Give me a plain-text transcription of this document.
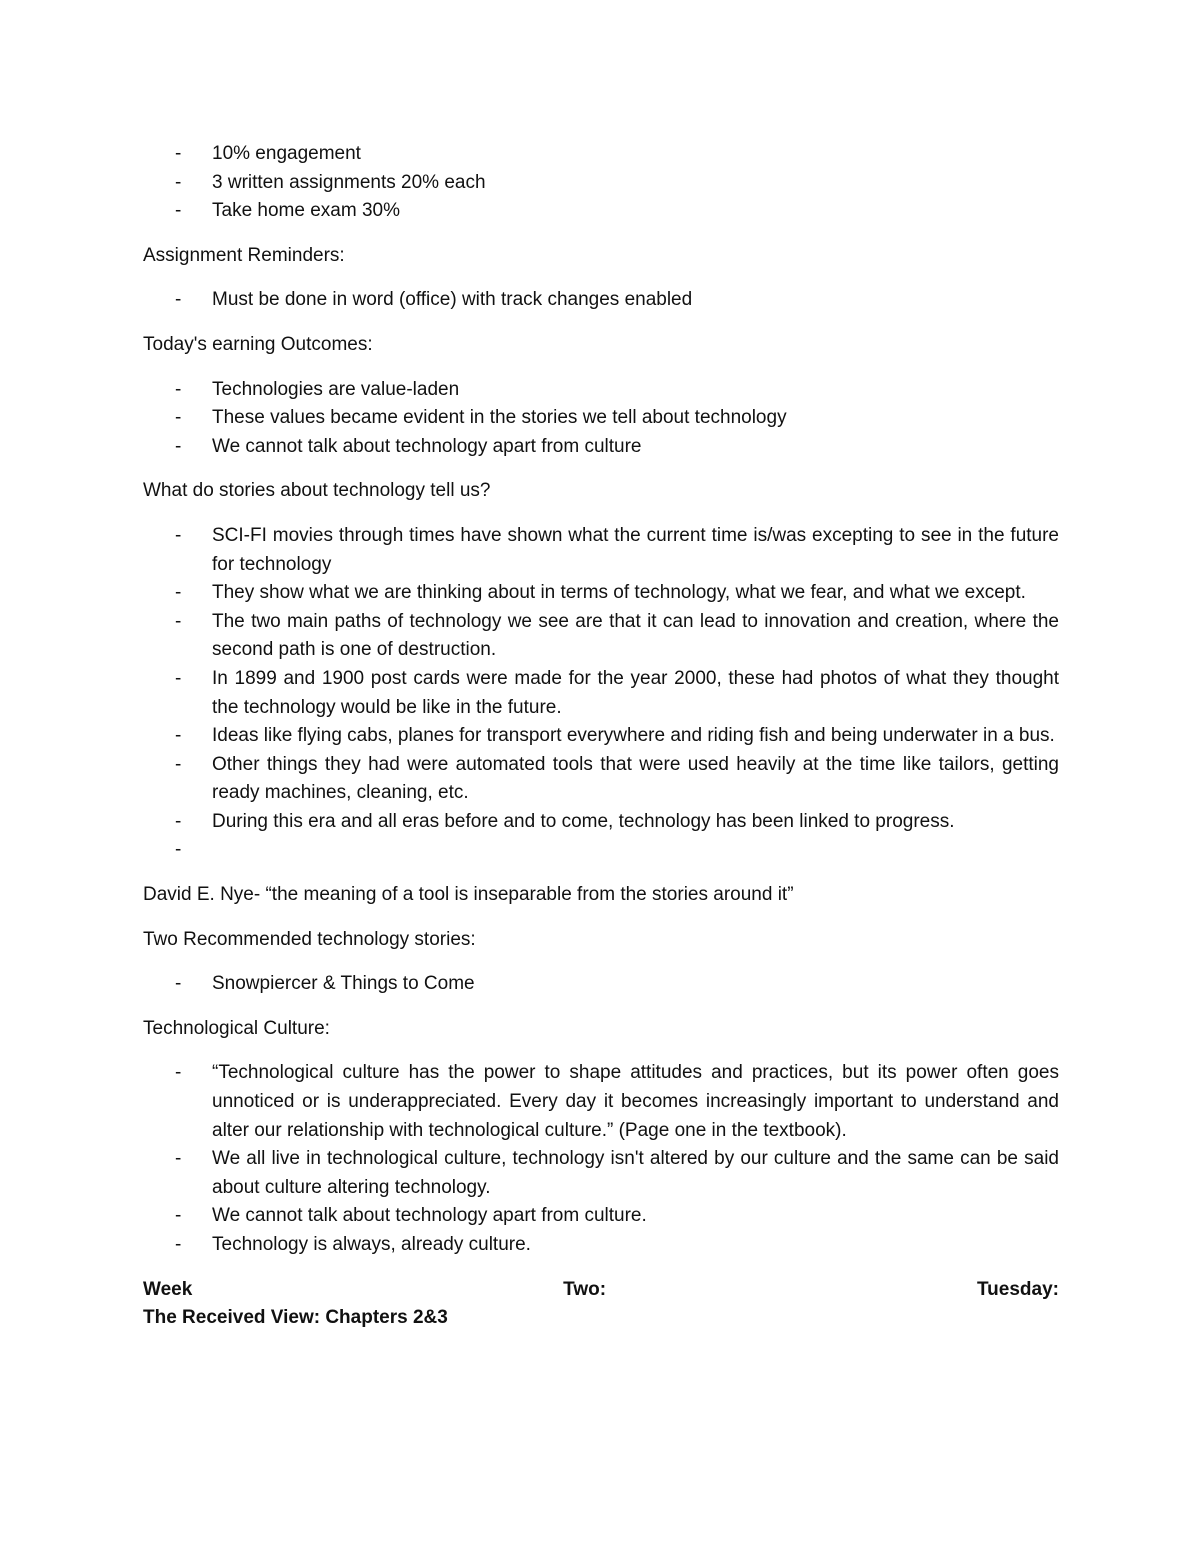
- 10% engagement
- 3 written assignments 20% each
- Take home exam 30%

Assignment Reminders:

- Must be done in word (office) with track changes enabled

Today's earning Outcomes:

- Technologies are value-laden
- These values became evident in the stories we tell about technology
- We cannot talk about technology apart from culture

What do stories about technology tell us?

- SCI-FI movies through times have shown what the current time is/was excepting to see in the future for technology
- They show what we are thinking about in terms of technology, what we fear, and what we except.
- The two main paths of technology we see are that it can lead to innovation and creation, where the second path is one of destruction.
- In 1899 and 1900 post cards were made for the year 2000, these had photos of what they thought the technology would be like in the future.
- Ideas like flying cabs, planes for transport everywhere and riding fish and being underwater in a bus.
- Other things they had were automated tools that were used heavily at the time like tailors, getting ready machines, cleaning, etc.
- During this era and all eras before and to come, technology has been linked to progress.
-

David E. Nye- “the meaning of a tool is inseparable from the stories around it”

Two Recommended technology stories:

- Snowpiercer & Things to Come

Technological Culture:

- “Technological culture has the power to shape attitudes and practices, but its power often goes unnoticed or is underappreciated. Every day it becomes increasingly important to understand and alter our relationship with technological culture.” (Page one in the textbook).
- We all live in technological culture, technology isn't altered by our culture and the same can be said about culture altering technology.
- We cannot talk about technology apart from culture.
- Technology is always, already culture.
Week	Two:	Tuesday:
The Received View: Chapters 2&3
